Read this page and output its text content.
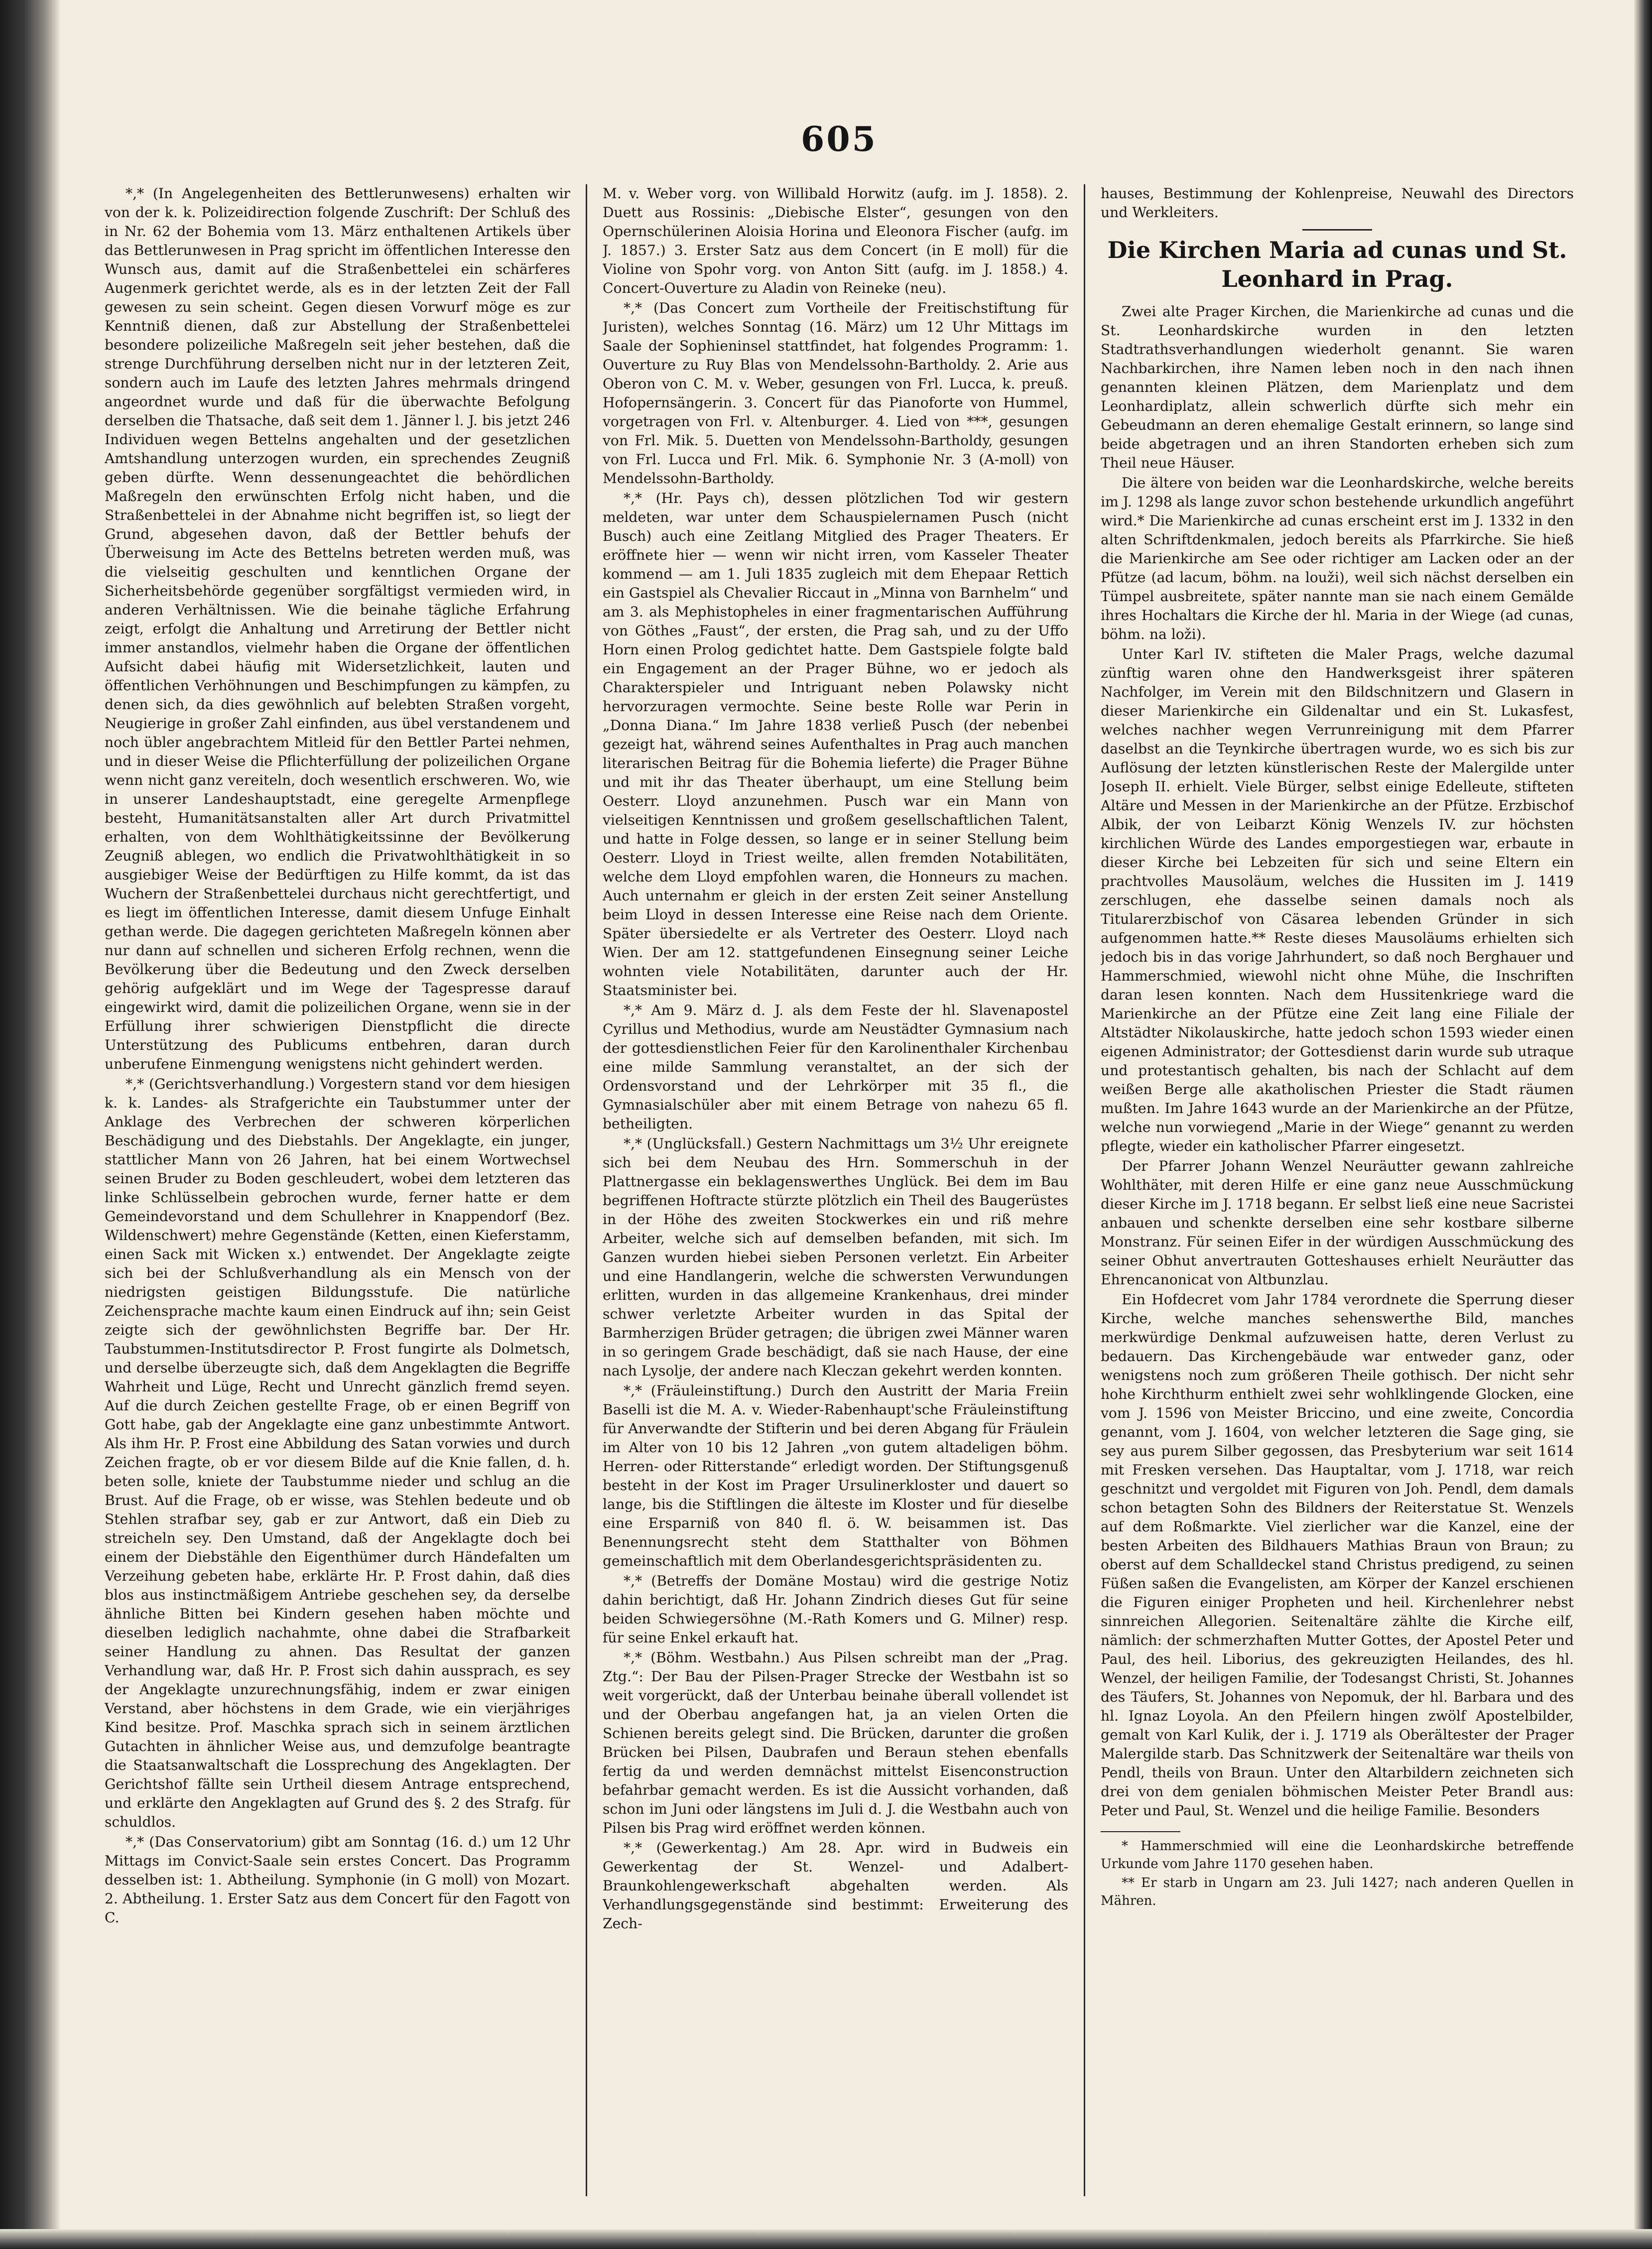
605

*,* (In Angelegenheiten des Bettlerunwesens) erhalten wir von der k. k. Polizeidirection folgende Zuschrift: Der Schluß des in Nr. 62 der Bohemia vom 13. März enthaltenen Artikels über das Bettlerunwesen in Prag spricht im öffentlichen Interesse den Wunsch aus, damit auf die Straßenbettelei ein schärferes Augenmerk gerichtet werde, als es in der letzten Zeit der Fall gewesen zu sein scheint. Gegen diesen Vorwurf möge es zur Kenntniß dienen, daß zur Abstellung der Straßenbettelei besondere polizeiliche Maßregeln seit jeher bestehen, daß die strenge Durchführung derselben nicht nur in der letzteren Zeit, sondern auch im Laufe des letzten Jahres mehrmals dringend angeordnet wurde und daß für die überwachte Befolgung derselben die Thatsache, daß seit dem 1. Jänner l. J. bis jetzt 246 Individuen wegen Bettelns angehalten und der gesetzlichen Amtshandlung unterzogen wurden, ein sprechendes Zeugniß geben dürfte. Wenn dessenungeachtet die behördlichen Maßregeln den erwünschten Erfolg nicht haben, und die Straßenbettelei in der Abnahme nicht begriffen ist, so liegt der Grund, abgesehen davon, daß der Bettler behufs der Überweisung im Acte des Bettelns betreten werden muß, was die vielseitig geschulten und kenntlichen Organe der Sicherheitsbehörde gegenüber sorgfältigst vermieden wird, in anderen Verhältnissen. Wie die beinahe tägliche Erfahrung zeigt, erfolgt die Anhaltung und Arretirung der Bettler nicht immer anstandlos, vielmehr haben die Organe der öffentlichen Aufsicht dabei häufig mit Widersetzlichkeit, lauten und öffentlichen Verhöhnungen und Beschimpfungen zu kämpfen, zu denen sich, da dies gewöhnlich auf belebten Straßen vorgeht, Neugierige in großer Zahl einfinden, aus übel verstandenem und noch übler angebrachtem Mitleid für den Bettler Partei nehmen, und in dieser Weise die Pflichterfüllung der polizeilichen Organe wenn nicht ganz vereiteln, doch wesentlich erschweren. Wo, wie in unserer Landeshauptstadt, eine geregelte Armenpflege besteht, Humanitätsanstalten aller Art durch Privatmittel erhalten, von dem Wohlthätigkeitssinne der Bevölkerung Zeugniß ablegen, wo endlich die Privatwohlthätigkeit in so ausgiebiger Weise der Bedürftigen zu Hilfe kommt, da ist das Wuchern der Straßenbettelei durchaus nicht gerechtfertigt, und es liegt im öffentlichen Interesse, damit diesem Unfuge Einhalt gethan werde. Die dagegen gerichteten Maßregeln können aber nur dann auf schnellen und sicheren Erfolg rechnen, wenn die Bevölkerung über die Bedeutung und den Zweck derselben gehörig aufgeklärt und im Wege der Tagespresse darauf eingewirkt wird, damit die polizeilichen Organe, wenn sie in der Erfüllung ihrer schwierigen Dienstpflicht die directe Unterstützung des Publicums entbehren, daran durch unberufene Einmengung wenigstens nicht gehindert werden.

*,* (Gerichtsverhandlung.) Vorgestern stand vor dem hiesigen k. k. Landes- als Strafgerichte ein Taubstummer unter der Anklage des Verbrechen der schweren körperlichen Beschädigung und des Diebstahls. Der Angeklagte, ein junger, stattlicher Mann von 26 Jahren, hat bei einem Wortwechsel seinen Bruder zu Boden geschleudert, wobei dem letzteren das linke Schlüsselbein gebrochen wurde, ferner hatte er dem Gemeindevorstand und dem Schullehrer in Knappendorf (Bez. Wildenschwert) mehre Gegenstände (Ketten, einen Kieferstamm, einen Sack mit Wicken x.) entwendet. Der Angeklagte zeigte sich bei der Schlußverhandlung als ein Mensch von der niedrigsten geistigen Bildungsstufe. Die natürliche Zeichensprache machte kaum einen Eindruck auf ihn; sein Geist zeigte sich der gewöhnlichsten Begriffe bar. Der Hr. Taubstummen-Institutsdirector P. Frost fungirte als Dolmetsch, und derselbe überzeugte sich, daß dem Angeklagten die Begriffe Wahrheit und Lüge, Recht und Unrecht gänzlich fremd seyen. Auf die durch Zeichen gestellte Frage, ob er einen Begriff von Gott habe, gab der Angeklagte eine ganz unbestimmte Antwort. Als ihm Hr. P. Frost eine Abbildung des Satan vorwies und durch Zeichen fragte, ob er vor diesem Bilde auf die Knie fallen, d. h. beten solle, kniete der Taubstumme nieder und schlug an die Brust. Auf die Frage, ob er wisse, was Stehlen bedeute und ob Stehlen strafbar sey, gab er zur Antwort, daß ein Dieb zu streicheln sey. Den Umstand, daß der Angeklagte doch bei einem der Diebstähle den Eigenthümer durch Händefalten um Verzeihung gebeten habe, erklärte Hr. P. Frost dahin, daß dies blos aus instinctmäßigem Antriebe geschehen sey, da derselbe ähnliche Bitten bei Kindern gesehen haben möchte und dieselben lediglich nachahmte, ohne dabei die Strafbarkeit seiner Handlung zu ahnen. Das Resultat der ganzen Verhandlung war, daß Hr. P. Frost sich dahin aussprach, es sey der Angeklagte unzurechnungsfähig, indem er zwar einigen Verstand, aber höchstens in dem Grade, wie ein vierjähriges Kind besitze. Prof. Maschka sprach sich in seinem ärztlichen Gutachten in ähnlicher Weise aus, und demzufolge beantragte die Staatsanwaltschaft die Lossprechung des Angeklagten. Der Gerichtshof fällte sein Urtheil diesem Antrage entsprechend, und erklärte den Angeklagten auf Grund des §. 2 des Strafg. für schuldlos.

*,* (Das Conservatorium) gibt am Sonntag (16. d.) um 12 Uhr Mittags im Convict-Saale sein erstes Concert. Das Programm desselben ist: 1. Abtheilung. Symphonie (in G moll) von Mozart. 2. Abtheilung. 1. Erster Satz aus dem Concert für den Fagott von C.

M. v. Weber vorg. von Willibald Horwitz (aufg. im J. 1858). 2. Duett aus Rossinis: „Diebische Elster“, gesungen von den Opernschülerinen Aloisia Horina und Eleonora Fischer (aufg. im J. 1857.) 3. Erster Satz aus dem Concert (in E moll) für die Violine von Spohr vorg. von Anton Sitt (aufg. im J. 1858.) 4. Concert-Ouverture zu Aladin von Reineke (neu).

*,* (Das Concert zum Vortheile der Freitischstiftung für Juristen), welches Sonntag (16. März) um 12 Uhr Mittags im Saale der Sophieninsel stattfindet, hat folgendes Programm: 1. Ouverture zu Ruy Blas von Mendelssohn-Bartholdy. 2. Arie aus Oberon von C. M. v. Weber, gesungen von Frl. Lucca, k. preuß. Hofopernsängerin. 3. Concert für das Pianoforte von Hummel, vorgetragen von Frl. v. Altenburger. 4. Lied von ***, gesungen von Frl. Mik. 5. Duetten von Mendelssohn-Bartholdy, gesungen von Frl. Lucca und Frl. Mik. 6. Symphonie Nr. 3 (A-moll) von Mendelssohn-Bartholdy.

*,* (Hr. Pays ch), dessen plötzlichen Tod wir gestern meldeten, war unter dem Schauspielernamen Pusch (nicht Busch) auch eine Zeitlang Mitglied des Prager Theaters. Er eröffnete hier — wenn wir nicht irren, vom Kasseler Theater kommend — am 1. Juli 1835 zugleich mit dem Ehepaar Rettich ein Gastspiel als Chevalier Riccaut in „Minna von Barnhelm“ und am 3. als Mephistopheles in einer fragmentarischen Aufführung von Göthes „Faust“, der ersten, die Prag sah, und zu der Uffo Horn einen Prolog gedichtet hatte. Dem Gastspiele folgte bald ein Engagement an der Prager Bühne, wo er jedoch als Charakterspieler und Intriguant neben Polawsky nicht hervorzuragen vermochte. Seine beste Rolle war Perin in „Donna Diana.“ Im Jahre 1838 verließ Pusch (der nebenbei gezeigt hat, während seines Aufenthaltes in Prag auch manchen literarischen Beitrag für die Bohemia lieferte) die Prager Bühne und mit ihr das Theater überhaupt, um eine Stellung beim Oesterr. Lloyd anzunehmen. Pusch war ein Mann von vielseitigen Kenntnissen und großem gesellschaftlichen Talent, und hatte in Folge dessen, so lange er in seiner Stellung beim Oesterr. Lloyd in Triest weilte, allen fremden Notabilitäten, welche dem Lloyd empfohlen waren, die Honneurs zu machen. Auch unternahm er gleich in der ersten Zeit seiner Anstellung beim Lloyd in dessen Interesse eine Reise nach dem Oriente. Später übersiedelte er als Vertreter des Oesterr. Lloyd nach Wien. Der am 12. stattgefundenen Einsegnung seiner Leiche wohnten viele Notabilitäten, darunter auch der Hr. Staatsminister bei.

*,* Am 9. März d. J. als dem Feste der hl. Slavenapostel Cyrillus und Methodius, wurde am Neustädter Gymnasium nach der gottesdienstlichen Feier für den Karolinenthaler Kirchenbau eine milde Sammlung veranstaltet, an der sich der Ordensvorstand und der Lehrkörper mit 35 fl., die Gymnasialschüler aber mit einem Betrage von nahezu 65 fl. betheiligten.

*,* (Unglücksfall.) Gestern Nachmittags um 3½ Uhr ereignete sich bei dem Neubau des Hrn. Sommerschuh in der Plattnergasse ein beklagenswerthes Unglück. Bei dem im Bau begriffenen Hoftracte stürzte plötzlich ein Theil des Baugerüstes in der Höhe des zweiten Stockwerkes ein und riß mehre Arbeiter, welche sich auf demselben befanden, mit sich. Im Ganzen wurden hiebei sieben Personen verletzt. Ein Arbeiter und eine Handlangerin, welche die schwersten Verwundungen erlitten, wurden in das allgemeine Krankenhaus, drei minder schwer verletzte Arbeiter wurden in das Spital der Barmherzigen Brüder getragen; die übrigen zwei Männer waren in so geringem Grade beschädigt, daß sie nach Hause, der eine nach Lysolje, der andere nach Kleczan gekehrt werden konnten.

*,* (Fräuleinstiftung.) Durch den Austritt der Maria Freiin Baselli ist die M. A. v. Wieder-Rabenhaupt'sche Fräuleinstiftung für Anverwandte der Stifterin und bei deren Abgang für Fräulein im Alter von 10 bis 12 Jahren „von gutem altadeligen böhm. Herren- oder Ritterstande“ erledigt worden. Der Stiftungsgenuß besteht in der Kost im Prager Ursulinerkloster und dauert so lange, bis die Stiftlingen die älteste im Kloster und für dieselbe eine Ersparniß von 840 fl. ö. W. beisammen ist. Das Benennungsrecht steht dem Statthalter von Böhmen gemeinschaftlich mit dem Oberlandesgerichtspräsidenten zu.

*,* (Betreffs der Domäne Mostau) wird die gestrige Notiz dahin berichtigt, daß Hr. Johann Zindrich dieses Gut für seine beiden Schwiegersöhne (M.-Rath Komers und G. Milner) resp. für seine Enkel erkauft hat.

*,* (Böhm. Westbahn.) Aus Pilsen schreibt man der „Prag. Ztg.“: Der Bau der Pilsen-Prager Strecke der Westbahn ist so weit vorgerückt, daß der Unterbau beinahe überall vollendet ist und der Oberbau angefangen hat, ja an vielen Orten die Schienen bereits gelegt sind. Die Brücken, darunter die großen Brücken bei Pilsen, Daubrafen und Beraun stehen ebenfalls fertig da und werden demnächst mittelst Eisenconstruction befahrbar gemacht werden. Es ist die Aussicht vorhanden, daß schon im Juni oder längstens im Juli d. J. die Westbahn auch von Pilsen bis Prag wird eröffnet werden können.

*,* (Gewerkentag.) Am 28. Apr. wird in Budweis ein Gewerkentag der St. Wenzel- und Adalbert-Braunkohlengewerkschaft abgehalten werden. Als Verhandlungsgegenstände sind bestimmt: Erweiterung des Zech-

hauses, Bestimmung der Kohlenpreise, Neuwahl des Directors und Werkleiters.

Die Kirchen Maria ad cunas und St. Leonhard in Prag.

Zwei alte Prager Kirchen, die Marienkirche ad cunas und die St. Leonhardskirche wurden in den letzten Stadtrathsverhandlungen wiederholt genannt. Sie waren Nachbarkirchen, ihre Namen leben noch in den nach ihnen genannten kleinen Plätzen, dem Marienplatz und dem Leonhardiplatz, allein schwerlich dürfte sich mehr ein Gebeudmann an deren ehemalige Gestalt erinnern, so lange sind beide abgetragen und an ihren Standorten erheben sich zum Theil neue Häuser.

Die ältere von beiden war die Leonhardskirche, welche bereits im J. 1298 als lange zuvor schon bestehende urkundlich angeführt wird.* Die Marienkirche ad cunas erscheint erst im J. 1332 in den alten Schriftdenkmalen, jedoch bereits als Pfarrkirche. Sie hieß die Marienkirche am See oder richtiger am Lacken oder an der Pfütze (ad lacum, böhm. na louži), weil sich nächst derselben ein Tümpel ausbreitete, später nannte man sie nach einem Gemälde ihres Hochaltars die Kirche der hl. Maria in der Wiege (ad cunas, böhm. na loži).

Unter Karl IV. stifteten die Maler Prags, welche dazumal zünftig waren ohne den Handwerksgeist ihrer späteren Nachfolger, im Verein mit den Bildschnitzern und Glasern in dieser Marienkirche ein Gildenaltar und ein St. Lukasfest, welches nachher wegen Verrunreinigung mit dem Pfarrer daselbst an die Teynkirche übertragen wurde, wo es sich bis zur Auflösung der letzten künstlerischen Reste der Malergilde unter Joseph II. erhielt. Viele Bürger, selbst einige Edelleute, stifteten Altäre und Messen in der Marienkirche an der Pfütze. Erzbischof Albik, der von Leibarzt König Wenzels IV. zur höchsten kirchlichen Würde des Landes emporgestiegen war, erbaute in dieser Kirche bei Lebzeiten für sich und seine Eltern ein prachtvolles Mausoläum, welches die Hussiten im J. 1419 zerschlugen, ehe dasselbe seinen damals noch als Titularerzbischof von Cäsarea lebenden Gründer in sich aufgenommen hatte.** Reste dieses Mausoläums erhielten sich jedoch bis in das vorige Jahrhundert, so daß noch Berghauer und Hammerschmied, wiewohl nicht ohne Mühe, die Inschriften daran lesen konnten. Nach dem Hussitenkriege ward die Marienkirche an der Pfütze eine Zeit lang eine Filiale der Altstädter Nikolauskirche, hatte jedoch schon 1593 wieder einen eigenen Administrator; der Gottesdienst darin wurde sub utraque und protestantisch gehalten, bis nach der Schlacht auf dem weißen Berge alle akatholischen Priester die Stadt räumen mußten. Im Jahre 1643 wurde an der Marienkirche an der Pfütze, welche nun vorwiegend „Marie in der Wiege“ genannt zu werden pflegte, wieder ein katholischer Pfarrer eingesetzt.

Der Pfarrer Johann Wenzel Neuräutter gewann zahlreiche Wohlthäter, mit deren Hilfe er eine ganz neue Ausschmückung dieser Kirche im J. 1718 begann. Er selbst ließ eine neue Sacristei anbauen und schenkte derselben eine sehr kostbare silberne Monstranz. Für seinen Eifer in der würdigen Ausschmückung des seiner Obhut anvertrauten Gotteshauses erhielt Neuräutter das Ehrencanonicat von Altbunzlau.

Ein Hofdecret vom Jahr 1784 verordnete die Sperrung dieser Kirche, welche manches sehenswerthe Bild, manches merkwürdige Denkmal aufzuweisen hatte, deren Verlust zu bedauern. Das Kirchengebäude war entweder ganz, oder wenigstens noch zum größeren Theile gothisch. Der nicht sehr hohe Kirchthurm enthielt zwei sehr wohlklingende Glocken, eine vom J. 1596 von Meister Briccino, und eine zweite, Concordia genannt, vom J. 1604, von welcher letzteren die Sage ging, sie sey aus purem Silber gegossen, das Presbyterium war seit 1614 mit Fresken versehen. Das Hauptaltar, vom J. 1718, war reich geschnitzt und vergoldet mit Figuren von Joh. Pendl, dem damals schon betagten Sohn des Bildners der Reiterstatue St. Wenzels auf dem Roßmarkte. Viel zierlicher war die Kanzel, eine der besten Arbeiten des Bildhauers Mathias Braun von Braun; zu oberst auf dem Schalldeckel stand Christus predigend, zu seinen Füßen saßen die Evangelisten, am Körper der Kanzel erschienen die Figuren einiger Propheten und heil. Kirchenlehrer nebst sinnreichen Allegorien. Seitenaltäre zählte die Kirche eilf, nämlich: der schmerzhaften Mutter Gottes, der Apostel Peter und Paul, des heil. Liborius, des gekreuzigten Heilandes, des hl. Wenzel, der heiligen Familie, der Todesangst Christi, St. Johannes des Täufers, St. Johannes von Nepomuk, der hl. Barbara und des hl. Ignaz Loyola. An den Pfeilern hingen zwölf Apostelbilder, gemalt von Karl Kulik, der i. J. 1719 als Oberältester der Prager Malergilde starb. Das Schnitzwerk der Seitenaltäre war theils von Pendl, theils von Braun. Unter den Altarbildern zeichneten sich drei von dem genialen böhmischen Meister Peter Brandl aus: Peter und Paul, St. Wenzel und die heilige Familie. Besonders

* Hammerschmied will eine die Leonhardskirche betreffende Urkunde vom Jahre 1170 gesehen haben.

** Er starb in Ungarn am 23. Juli 1427; nach anderen Quellen in Mähren.
